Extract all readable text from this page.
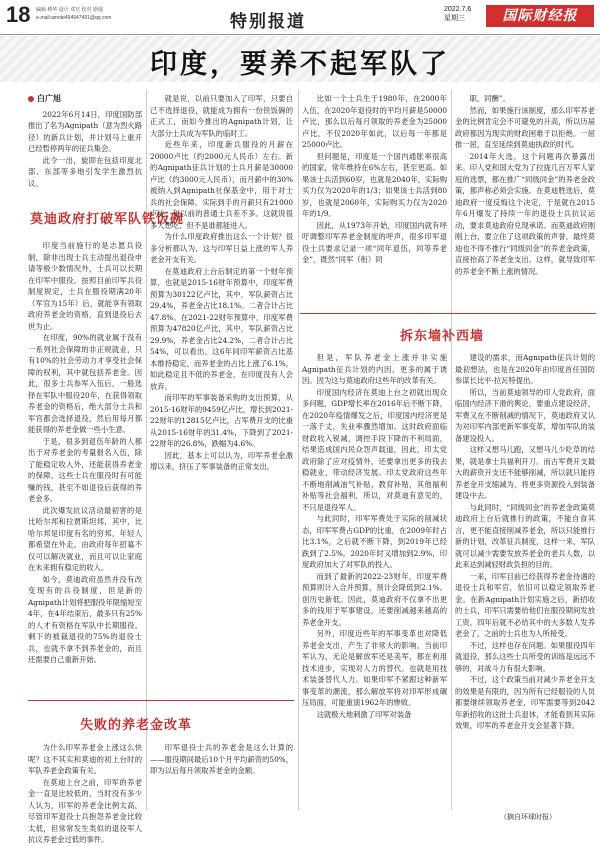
18 编辑 棒华 设计 邓宫 校对 剧强
e-mail:amote454947491@qq.com	特别报道
2022.7.6
星期三	国际财经报
印度，要养不起军队了
白广旭

2022年6月14日，印度国防部推出了名为Agnipath（意为烈火路径）的新兵计划，并计划马上重开已经暂停两年的征兵集会。

此令一出，旋即在包括印度北部、东部等多地引发学生激烈抗议。

莫迪政府打破军队铁饭碗

印度当前施行的是志愿兵役制，除非出现士兵主动提出退役申请等极少数情况外，士兵可以长期在印军中服役。按照目前印军兵役制度规定，士兵在服役期满20年（军官为15年）后，就能享有领取政府养老金的资格，直到退役后去世为止。

在印度，90%的就业属于没有一系列社会保障的非正规就业，只有10%的社会劳动力才享受社会保障的权利，其中就包括养老金。因此，很多士兵参军入伍后，一般选择在军队中服役20年，在获得领取养老金的资格后，绝大部分士兵和军官都会选择退役，然后用每月都能获得的养老金做一些小生意。

于是，很多到退伍年龄的人都出于对养老金的考量报名入伍，除了能稳定收入外，还能获得养老金的保障。这些士兵在服役时有可能赚的钱，甚至不如退役后获得的养老金多。

此次爆发抗议活动最初害的是比哈尔邦和拉贾斯坦邦，其中，比哈尔邦是印度有名的穷邦，年轻人都希望在外走，由政府每年招募不仅可以解决就业，而且可以让家庭在未来拥有稳定的收入。

如今，莫迪政府虽然并没有改变现有的兵役制度，但是新的Agnipath计划将把服役年限缩短至4年，在4年结束后，最多只有25%的人才有资格在军队中长期服役。剩下的被裁退役的75%的退役士兵，也就不拿不到养老金的，而且还需要自己重新开始。

就是说，以前只要加入了印军，只要自己不选择退役，就能成为拥有一份铁饭碗的正式工，而如今推出的Agnipath计划，让大部分士兵成为军队的临时工。

近些年来，印度新兵服役的月薪在20000卢比（约2000元人民币）左右。新的Agnipath征兵计划的士兵月薪是30000卢比（约3000元人民币），而月薪中的30%被纳入到Agnipath社保基金中，用于对士兵的社会保障。实际到手的月薪只有21000卢比，和以前的普通士兵差不多。这就说很多人想吃、但不是谁都能进入。

为什么印度政府推出这么一个计划？很多分析都认为，这与印军日益上涨的军人养老金开支有关。

在莫迪政府上台后制定的第一个财年预算，也就是2015-16财年预算中，印度军费预算为30122亿卢比，其中，军队薪资占比29.4%，养老金占比18.1%。二者合计占比47.8%。在2021-22财年预算中，印度军费预算为47820亿卢比，其中，军队薪资占比29.9%，养老金占比24.2%，二者合计占比54%，可以看出，这6年间印军薪资占比基本维持稳定，而养老金的占比上涨了6.1%，如此稳定且不低的养老金，在印度没有人会放弃。

而印军的军事装备采购的支出预算，从2015-16财年的9459亿卢比，增长到2021-22财年的12815亿卢比，占军费开支的比重从2015-16财年的31.4%，下降到了2021-22财年的26.8%，跌幅为4.6%。

因此，基本上可以认为，印军养老金激增以来，挤压了军事装备的正常支出。

失败的养老金改革

为什么印军养老金上涨这么快呢？这不其实和莫迪的初上台时的军队养老金政策有关。

在莫迪上台之前，印军的养老金一直是比较低的，当时没有多少人认为，印军的养老金比例太高，尽管印军退役士兵抱怨养老金比较太低，但常常发生类似的退役军人抗议养老金过低的事件。

印军退役士兵的养老金是这么计算的——服役期间最后10个月平均薪资的50%，即为以后每月领取养老金的金额。

比如一个士兵生于1980年，在2000年入伍，在2020年退役时的平均月薪是50000卢比，那么以后每月领取的养老金为25000卢比，不仅2020年如此，以后每一年都是25000卢比。

但问题是，印度是一个国内通胀率很高的国家，常年维持在6%左右，甚至更高。如果该士兵活到60岁，也就是2040年，实际购买力仅为2020年的1/3；如果该士兵活到80岁，也就是2060年，实际购买力仅为2020年的1/9。

因此，从1973年开始，印度国内就有呼吁调整印军养老金制度的呼声，很多印军退役士兵要求记录一项“同年退伍，同等养老金”，既然“同军（衔）同

职，同酬”。

然而，如果施行该制度，那么印军养老金的比例肯定会不可避免的升高，所以历届政府都因为现实的财政困难于以拒绝。一屈推一屈，直至延续到莫迪执政的时代。

2014年大选，这个问题再次暴露出来。印人党和国大党为了拉拢几百万军人家庭的选票，都在推广“同级同金”的养老金政策，都声称必须会实施。在莫迪胜选后，莫迪政府一度反悔这个决定，于是就在2015年6月爆发了持续一年的退役士兵抗议运动，要求莫迪政府兑现承诺。而莫迪政府刚刚上台，要立住了这项政策的声誉，最终莫迪也不得不推行“同级同金”的养老金政策，直接抬高了养老金支出。这样，就导致印军的养老金不断上涨的情况。

拆东墙补西墙

但是，军队养老金上涨并非实施Agnipath征兵计划的内因，更多的属于诱因。因为这与莫迪政府这些年的改革有关。

印度国内经济在莫迪上台之初就出现众多问题，GDP增长率在2016年后不断下降，在2020年疫情爆发之后，印度国内经济更是一落千丈，失业率骤然增加。这时政府面临财政收入锐减，调控手段下降的不利局面，结果造成国内民众怨声载道，因此，印太党政府除了应对疫情外，还要拿出更多的钱去稳就业，带动经济发展。印太党政府这些年不断地削减油气补贴、教育补贴，其他福利补贴等社会福利，所以，对莫迪有意见的，不只是退役军人。

与此同时，印军军费处于实际的削减状态，印军军费占GDP的比重，在2009年时占比3.1%，之后就不断下降，到2019年已经跌到了2.5%。2020年时又增加到2.9%，印度政府加大了对军队的投入。

而到了最新的2022-23财年，印度军费预算则计入合并预算，预计会降低到2.1%。创历史新低。因此，莫迪政府不仅拿不出更多的钱用于军事建设，还要削减越来越高的养老金开支。

另外，印度近些年的军事变革也对降低养老金支出，产生了非常大的影响。当前印军认为，无论是解放军还是美军，都在利用技术进步，实现对人力的替代。也就是用技术装备替代人力。如果印军不紧跟这种新军事变革的潮流，那么解放军将对印军形成碾压局面，可能重演1962年的惨败。

这就极大地刺激了印军对装备

建设的需求，而Agnipath征兵计划的最初想法，也是在2020年由印度首任国防参谋长比平·拉瓦特提出。

所以，当前莫迪领导的印人党政府，面临国内经济下滑的舆论，要重点建设经济，军费又在不断削减的情况下，莫迪政府又认为对印军内部更新军事变革，增加军队的装备建设投入。

这样又想马儿跑，又想马儿少吃草的结果，就是拿士兵福利开刀。而古军费开支最大的薪资开支还不能够削减，所以就只能将养老金开支缩减为，将更多资源投入到装备建设中去。

与此同时，“同级同金”的养老金政策莫迪政府上台后就推行的政策，不能自食其言，更不能直接削减养老金，所以只能推行新的计划，改革征兵制度，这样一来，军队就可以减少需要发放养老金的老兵人数，以此来达到减轻财政负担的目的。

一来，印军目前已经获得养老金待遇的退役士兵和军官，依旧可以稳定领取养老金。在新Agnipath计划实施之后，新招收的士兵，印军只需要给他们在服役期间发放工资，四年后就不必给其中的大多数人发养老金了，之前的士兵也为人所接受。

不过，这样也存在问题。如果服役四年就退役，那么这些士兵所受的训练是远远不够的，对战斗力有很大影响。

不过，这个政策当前对减少养老金开支的效果是有限的，因为所有已经服役的人员都要继续领取养老金，印军需要等到2042年新招收的这批士兵退休，才能看到其实际效果，印军的养老金开支会显著下降。

（摘自环球时报）
